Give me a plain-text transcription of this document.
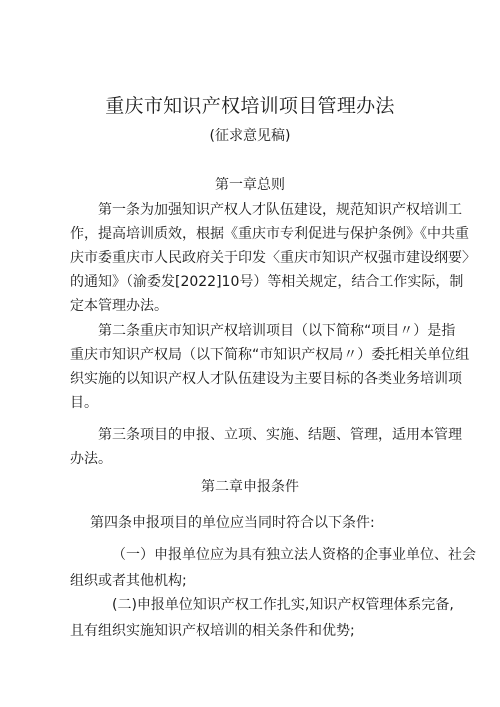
重庆市知识产权培训项目管理办法
(征求意见稿)
第一章总则
第一条为加强知识产权人才队伍建设，规范知识产权培训工
作，提高培训质效，根据《重庆市专利促进与保护条例》《中共重
庆市委重庆市人民政府关于印发〈重庆市知识产权强市建设纲要〉
的通知》（渝委发[2022]10号）等相关规定，结合工作实际，制
定本管理办法。
第二条重庆市知识产权培训项目（以下简称“项目〃）是指
重庆市知识产权局（以下简称“市知识产权局〃）委托相关单位组
织实施的以知识产权人才队伍建设为主要目标的各类业务培训项
目。
第三条项目的申报、立项、实施、结题、管理，适用本管理
办法。
第二章申报条件
第四条申报项目的单位应当同时符合以下条件:
（一）申报单位应为具有独立法人资格的企事业单位、社会
组织或者其他机构;
(二)申报单位知识产权工作扎实,知识产权管理体系完备,
且有组织实施知识产权培训的相关条件和优势;
